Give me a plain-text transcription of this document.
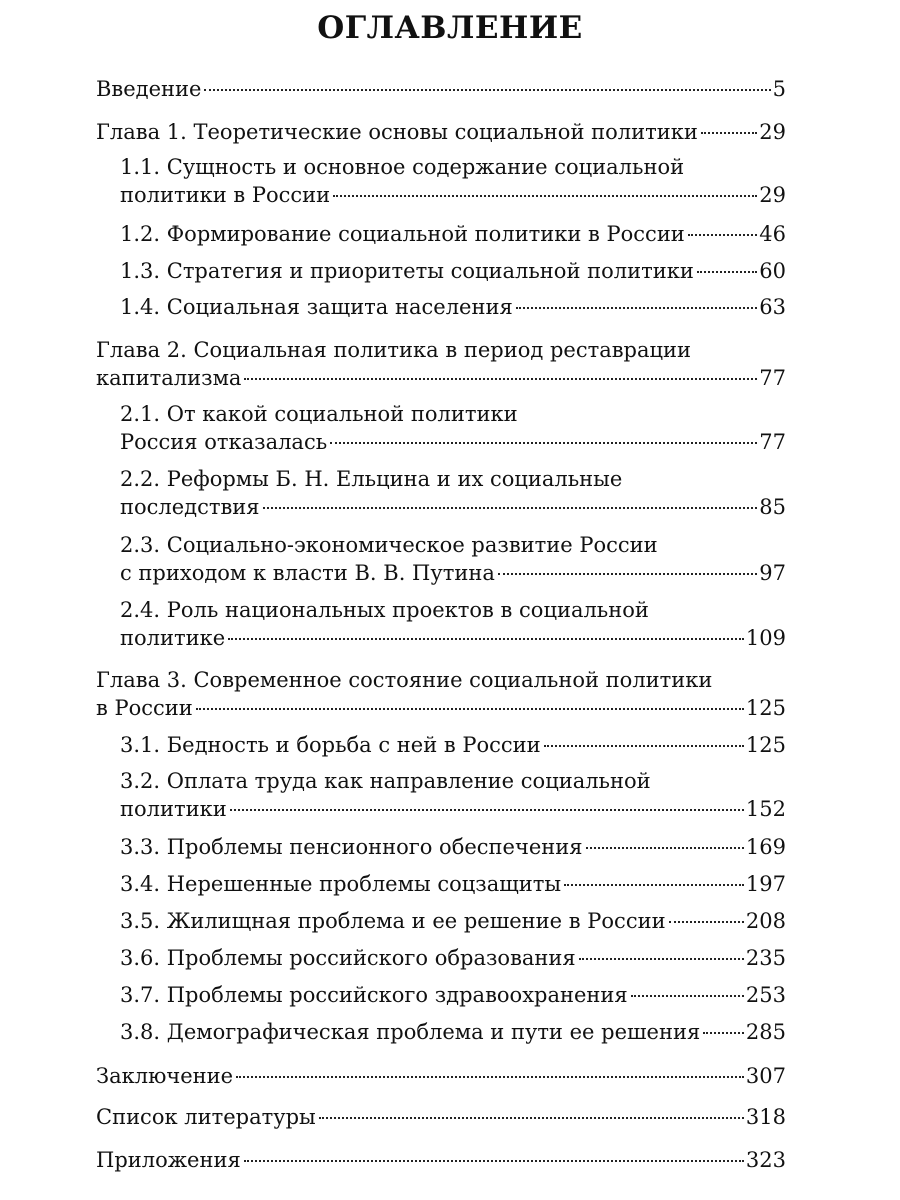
ОГЛАВЛЕНИЕ
Введение	5
Глава 1. Теоретические основы социальной политики	29
1.1. Сущность и основное содержание социальной
политики в России	29
1.2. Формирование социальной политики в России	46
1.3. Стратегия и приоритеты социальной политики	60
1.4. Социальная защита населения	63
Глава 2. Социальная политика в период реставрации
капитализма	77
2.1. От какой социальной политики
Россия отказалась	77
2.2. Реформы Б. Н. Ельцина и их социальные
последствия	85
2.3. Социально-экономическое развитие России
с приходом к власти В. В. Путина	97
2.4. Роль национальных проектов в социальной
политике	109
Глава 3. Современное состояние социальной политики
в России	125
3.1. Бедность и борьба с ней в России	125
3.2. Оплата труда как направление социальной
политики	152
3.3. Проблемы пенсионного обеспечения	169
3.4. Нерешенные проблемы соцзащиты	197
3.5. Жилищная проблема и ее решение в России	208
3.6. Проблемы российского образования	235
3.7. Проблемы российского здравоохранения	253
3.8. Демографическая проблема и пути ее решения 285
Заключение	307
Список литературы	318
Приложения	323
